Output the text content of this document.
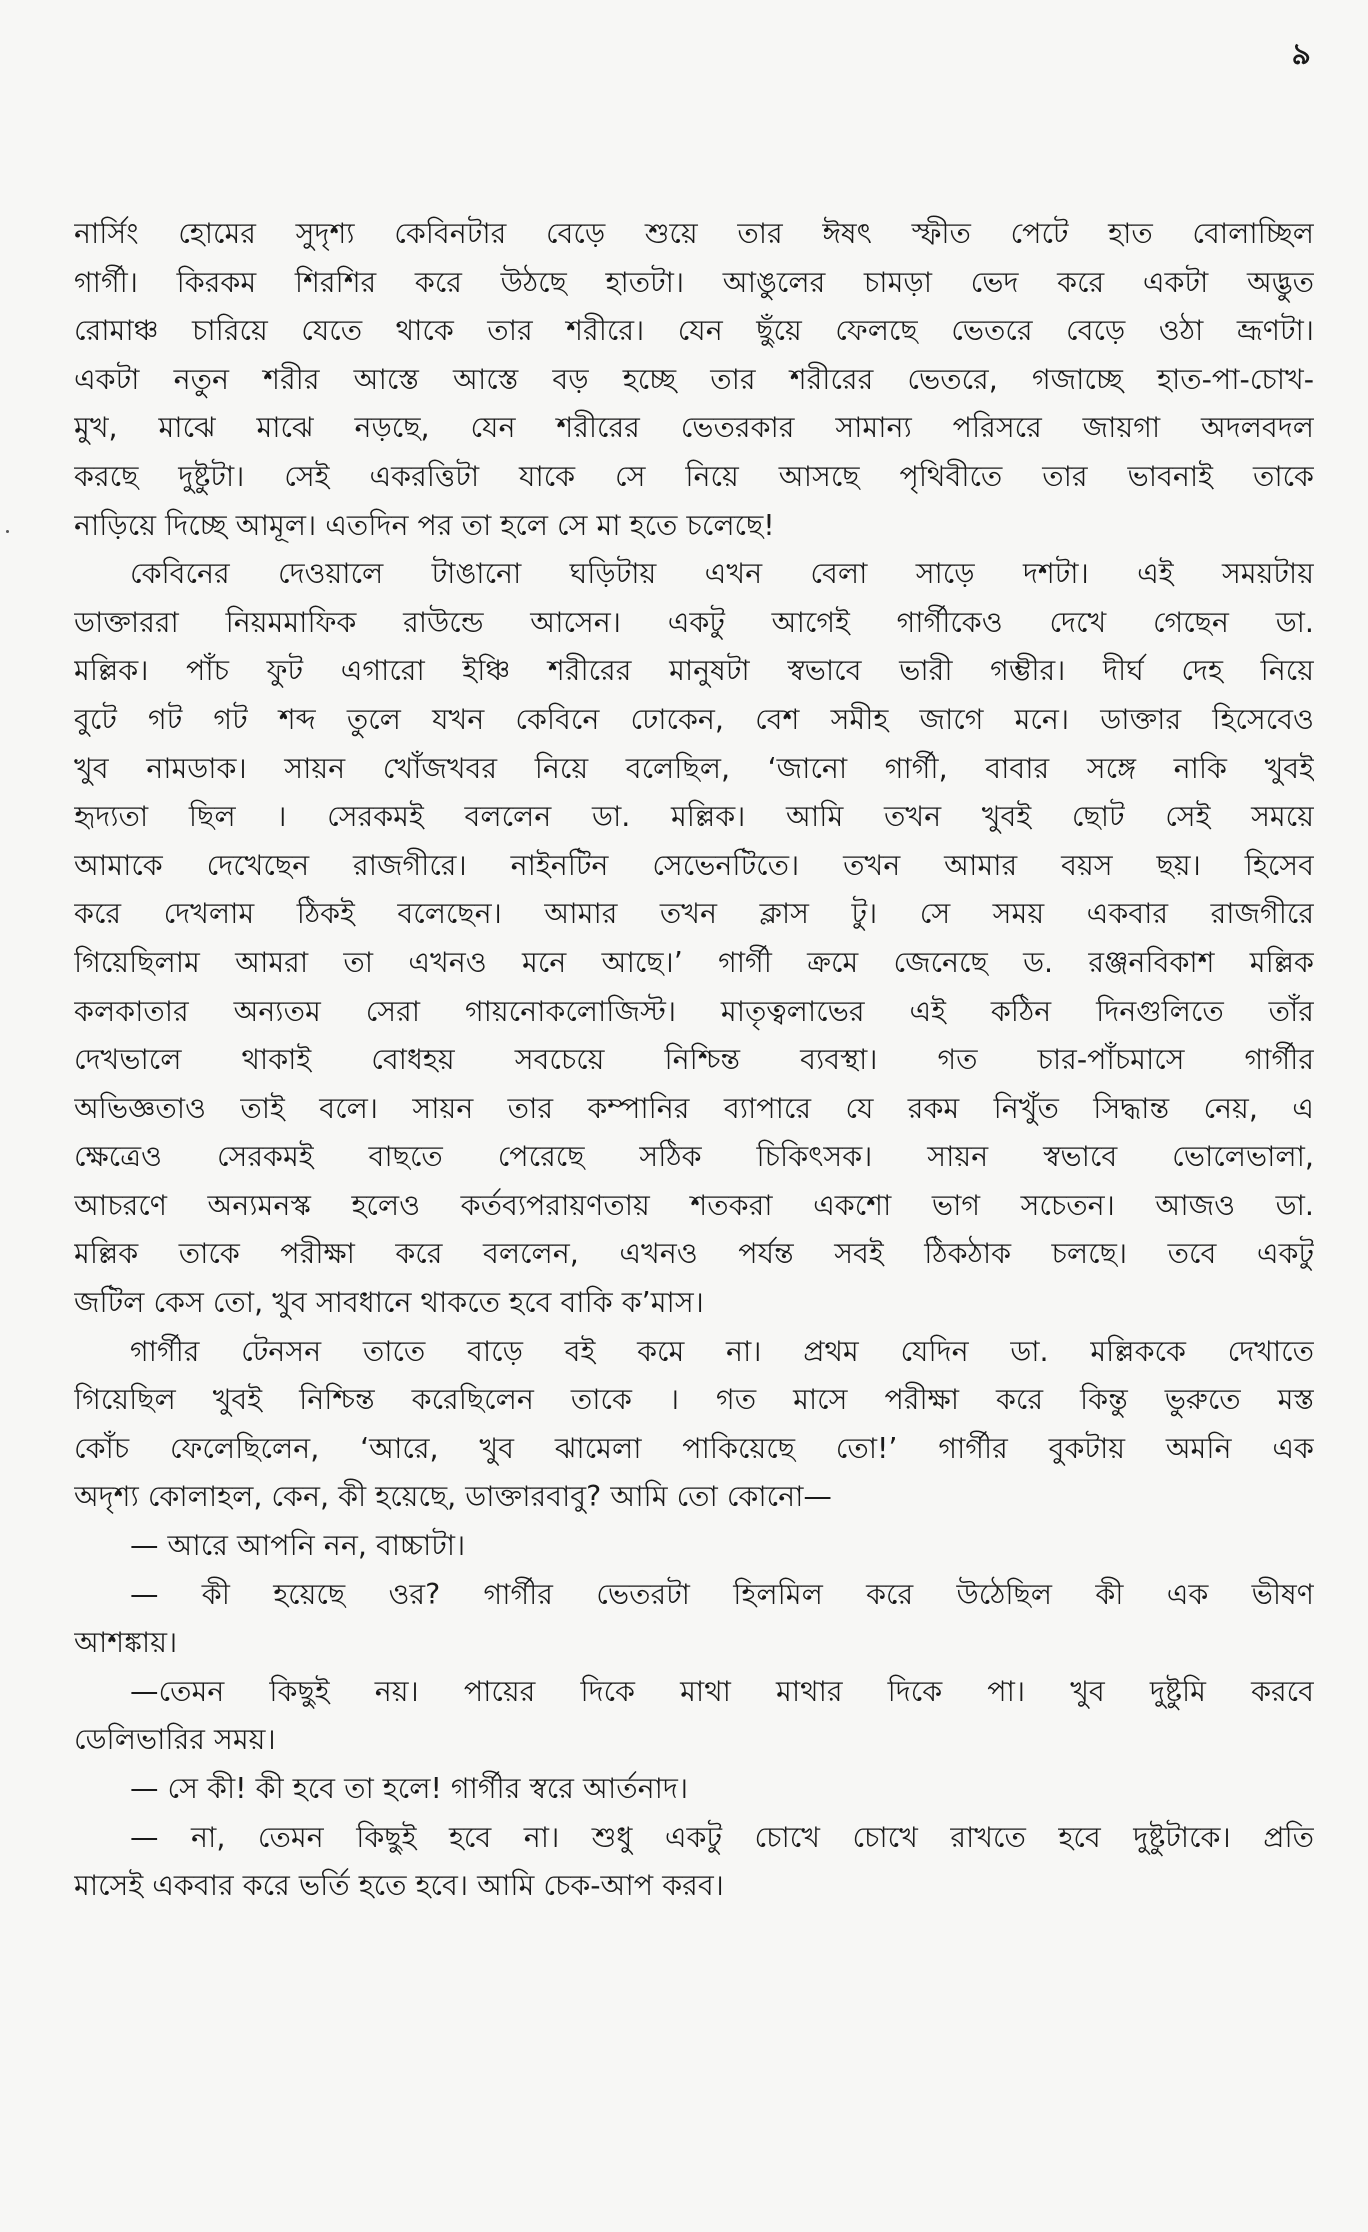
৯
নার্সিং হোমের সুদৃশ্য কেবিনটার বেড়ে শুয়ে তার ঈষৎ স্ফীত পেটে হাত বোলাচ্ছিল
গার্গী। কিরকম শিরশির করে উঠছে হাতটা। আঙুলের চামড়া ভেদ করে একটা অদ্ভুত
রোমাঞ্চ চারিয়ে যেতে থাকে তার শরীরে। যেন ছুঁয়ে ফেলছে ভেতরে বেড়ে ওঠা ভ্রূণটা।
একটা নতুন শরীর আস্তে আস্তে বড় হচ্ছে তার শরীরের ভেতরে, গজাচ্ছে হাত-পা-চোখ-
মুখ, মাঝে মাঝে নড়ছে, যেন শরীরের ভেতরকার সামান্য পরিসরে জায়গা অদলবদল
করছে দুষ্টুটা। সেই একরত্তিটা যাকে সে নিয়ে আসছে পৃথিবীতে তার ভাবনাই তাকে
নাড়িয়ে দিচ্ছে আমূল। এতদিন পর তা হলে সে মা হতে চলেছে!
কেবিনের দেওয়ালে টাঙানো ঘড়িটায় এখন বেলা সাড়ে দশটা। এই সময়টায়
ডাক্তাররা নিয়মমাফিক রাউন্ডে আসেন। একটু আগেই গার্গীকেও দেখে গেছেন ডা.
মল্লিক। পাঁচ ফুট এগারো ইঞ্চি শরীরের মানুষটা স্বভাবে ভারী গম্ভীর। দীর্ঘ দেহ নিয়ে
বুটে গট গট শব্দ তুলে যখন কেবিনে ঢোকেন, বেশ সমীহ জাগে মনে। ডাক্তার হিসেবেও
খুব নামডাক। সায়ন খোঁজখবর নিয়ে বলেছিল, ‘জানো গার্গী, বাবার সঙ্গে নাকি খুবই
হৃদ্যতা ছিল । সেরকমই বললেন ডা. মল্লিক। আমি তখন খুবই ছোট সেই সময়ে
আমাকে দেখেছেন রাজগীরে। নাইনটিন সেভেনটিতে। তখন আমার বয়স ছয়। হিসেব
করে দেখলাম ঠিকই বলেছেন। আমার তখন ক্লাস টু। সে সময় একবার রাজগীরে
গিয়েছিলাম আমরা তা এখনও মনে আছে।’ গার্গী ক্রমে জেনেছে ড. রঞ্জনবিকাশ মল্লিক
কলকাতার অন্যতম সেরা গায়নোকলোজিস্ট। মাতৃত্বলাভের এই কঠিন দিনগুলিতে তাঁর
দেখভালে থাকাই বোধহয় সবচেয়ে নিশ্চিন্ত ব্যবস্থা। গত চার-পাঁচমাসে গার্গীর
অভিজ্ঞতাও তাই বলে। সায়ন তার কম্পানির ব্যাপারে যে রকম নিখুঁত সিদ্ধান্ত নেয়, এ
ক্ষেত্রেও সেরকমই বাছতে পেরেছে সঠিক চিকিৎসক। সায়ন স্বভাবে ভোলেভালা,
আচরণে অন্যমনস্ক হলেও কর্তব্যপরায়ণতায় শতকরা একশো ভাগ সচেতন। আজও ডা.
মল্লিক তাকে পরীক্ষা করে বললেন, এখনও পর্যন্ত সবই ঠিকঠাক চলছে। তবে একটু
জটিল কেস তো, খুব সাবধানে থাকতে হবে বাকি ক’মাস।
গার্গীর টেনসন তাতে বাড়ে বই কমে না। প্রথম যেদিন ডা. মল্লিককে দেখাতে
গিয়েছিল খুবই নিশ্চিন্ত করেছিলেন তাকে । গত মাসে পরীক্ষা করে কিন্তু ভুরুতে মস্ত
কোঁচ ফেলেছিলেন, ‘আরে, খুব ঝামেলা পাকিয়েছে তো!’ গার্গীর বুকটায় অমনি এক
অদৃশ্য কোলাহল, কেন, কী হয়েছে, ডাক্তারবাবু? আমি তো কোনো—
— আরে আপনি নন, বাচ্চাটা।
— কী হয়েছে ওর? গার্গীর ভেতরটা হিলমিল করে উঠেছিল কী এক ভীষণ
আশঙ্কায়।
—তেমন কিছুই নয়। পায়ের দিকে মাথা মাথার দিকে পা। খুব দুষ্টুমি করবে
ডেলিভারির সময়।
— সে কী! কী হবে তা হলে! গার্গীর স্বরে আর্তনাদ।
— না, তেমন কিছুই হবে না। শুধু একটু চোখে চোখে রাখতে হবে দুষ্টুটাকে। প্রতি
মাসেই একবার করে ভর্তি হতে হবে। আমি চেক-আপ করব।
